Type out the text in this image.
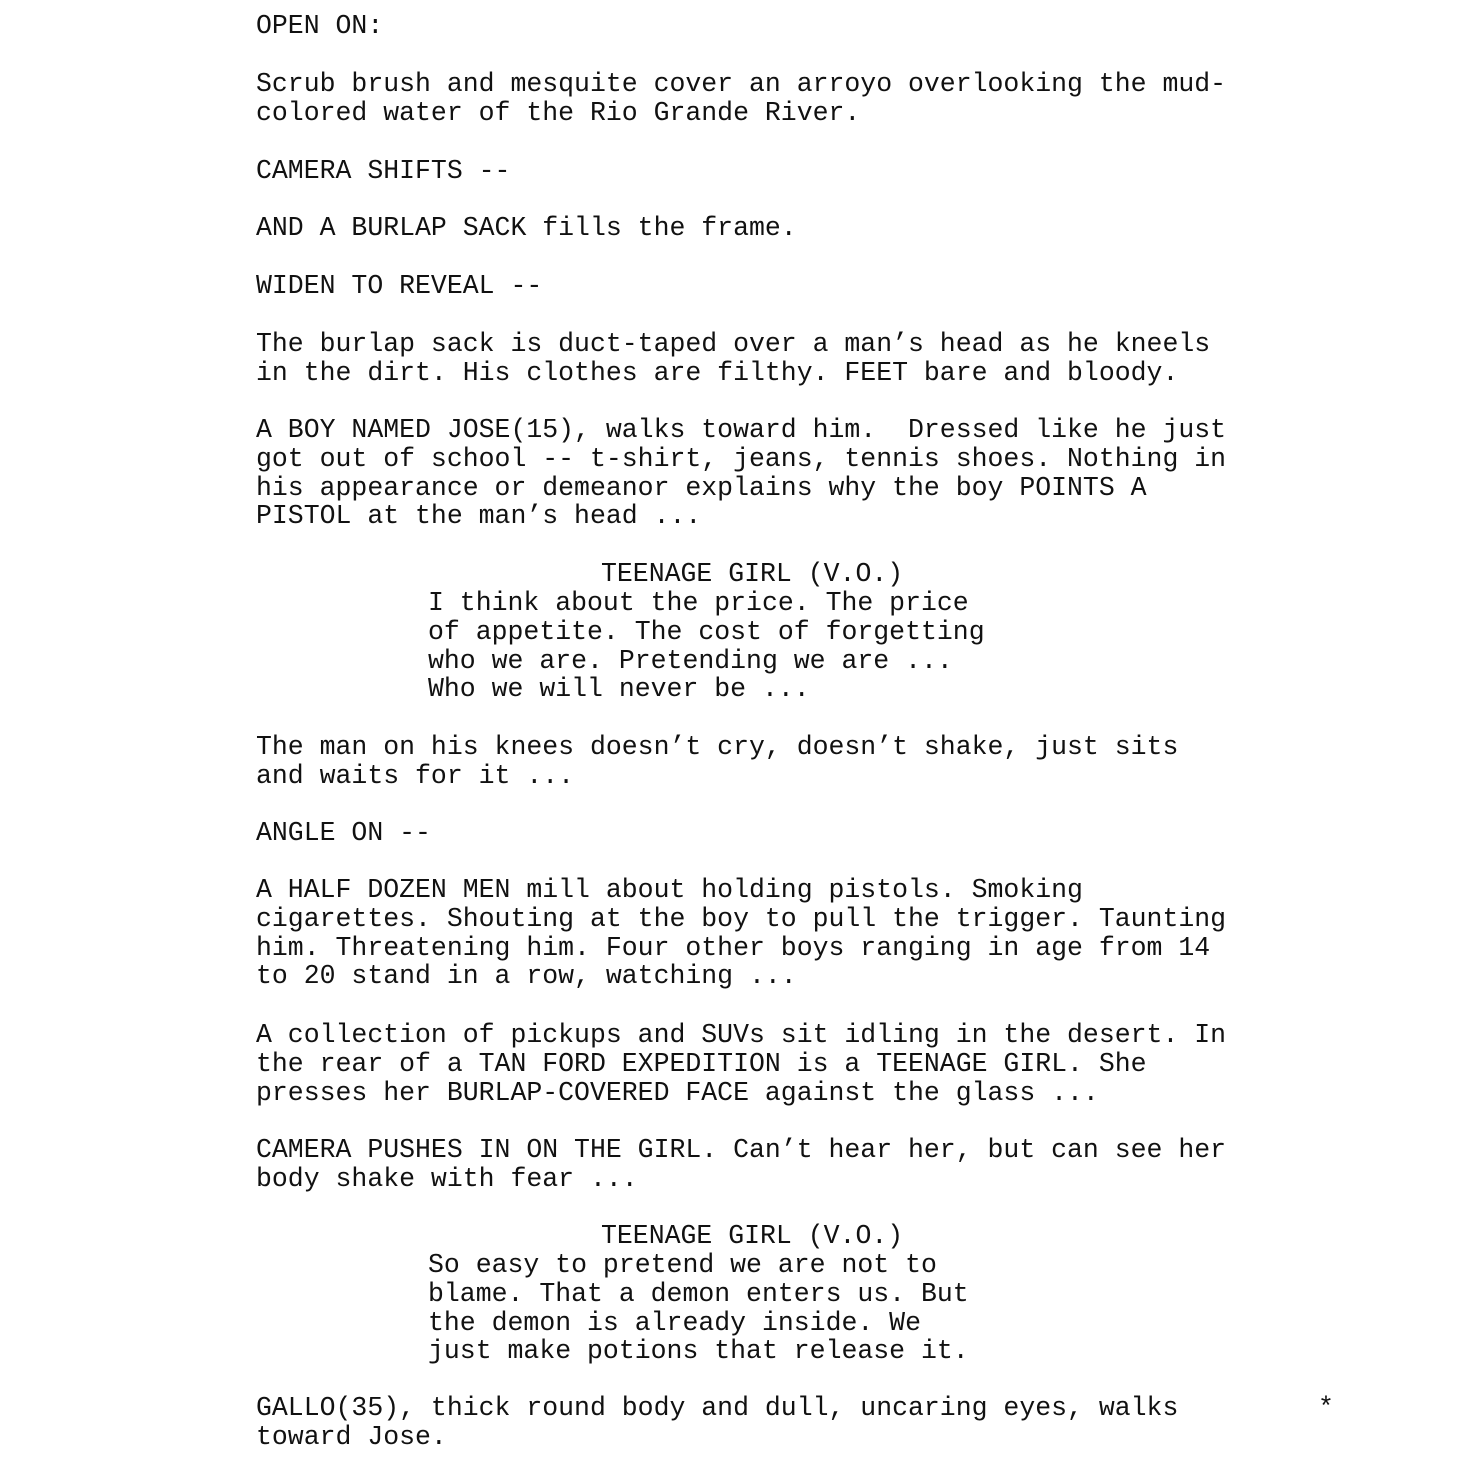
OPEN ON:

Scrub brush and mesquite cover an arroyo overlooking the mud-
colored water of the Rio Grande River.

CAMERA SHIFTS --

AND A BURLAP SACK fills the frame.

WIDEN TO REVEAL --

The burlap sack is duct-taped over a man’s head as he kneels
in the dirt. His clothes are filthy. FEET bare and bloody.

A BOY NAMED JOSE(15), walks toward him.  Dressed like he just
got out of school -- t-shirt, jeans, tennis shoes. Nothing in
his appearance or demeanor explains why the boy POINTS A
PISTOL at the man’s head ...

TEENAGE GIRL (V.O.)

I think about the price. The price
of appetite. The cost of forgetting
who we are. Pretending we are ...
Who we will never be ...

The man on his knees doesn’t cry, doesn’t shake, just sits
and waits for it ...

ANGLE ON --

A HALF DOZEN MEN mill about holding pistols. Smoking
cigarettes. Shouting at the boy to pull the trigger. Taunting
him. Threatening him. Four other boys ranging in age from 14
to 20 stand in a row, watching ...

A collection of pickups and SUVs sit idling in the desert. In
the rear of a TAN FORD EXPEDITION is a TEENAGE GIRL. She
presses her BURLAP-COVERED FACE against the glass ...

CAMERA PUSHES IN ON THE GIRL. Can’t hear her, but can see her
body shake with fear ...

TEENAGE GIRL (V.O.)

So easy to pretend we are not to
blame. That a demon enters us. But
the demon is already inside. We
just make potions that release it.

GALLO(35), thick round body and dull, uncaring eyes, walks
toward Jose.

*
